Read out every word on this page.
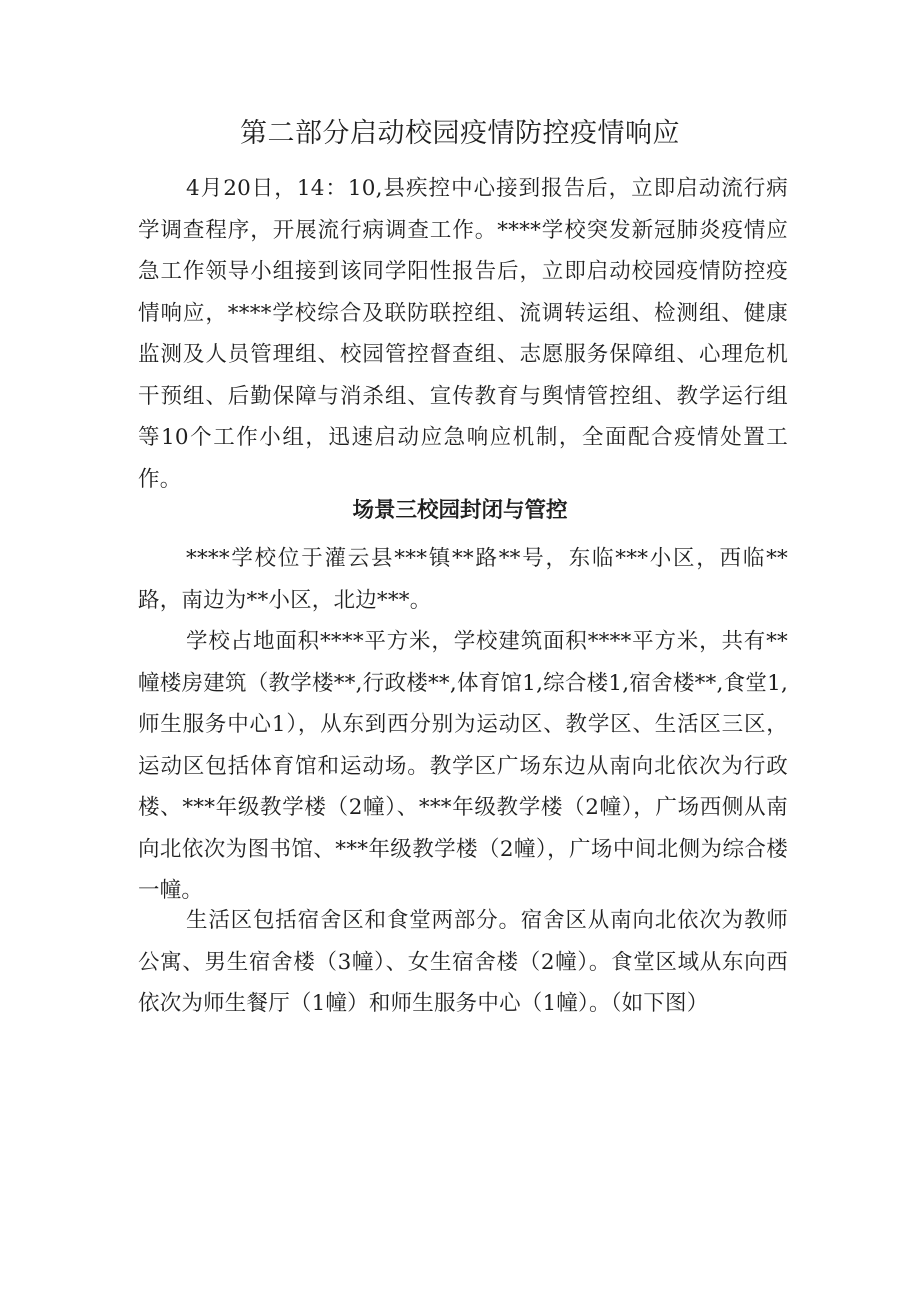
第二部分启动校园疫情防控疫情响应

4月20日，14：10,县疾控中心接到报告后，立即启动流行病学调查程序，开展流行病调查工作。****学校突发新冠肺炎疫情应急工作领导小组接到该同学阳性报告后，立即启动校园疫情防控疫情响应，****学校综合及联防联控组、流调转运组、检测组、健康监测及人员管理组、校园管控督查组、志愿服务保障组、心理危机干预组、后勤保障与消杀组、宣传教育与舆情管控组、教学运行组等10个工作小组，迅速启动应急响应机制，全面配合疫情处置工作。

场景三校园封闭与管控

****学校位于灌云县***镇**路**号，东临***小区，西临**路，南边为**小区，北边***。

学校占地面积****平方米，学校建筑面积****平方米，共有**幢楼房建筑（教学楼**,行政楼**,体育馆1,综合楼1,宿舍楼**,食堂1,师生服务中心1），从东到西分别为运动区、教学区、生活区三区，运动区包括体育馆和运动场。教学区广场东边从南向北依次为行政楼、***年级教学楼（2幢）、***年级教学楼（2幢），广场西侧从南向北依次为图书馆、***年级教学楼（2幢），广场中间北侧为综合楼一幢。

生活区包括宿舍区和食堂两部分。宿舍区从南向北依次为教师公寓、男生宿舍楼（3幢）、女生宿舍楼（2幢）。食堂区域从东向西依次为师生餐厅（1幢）和师生服务中心（1幢）。（如下图）
